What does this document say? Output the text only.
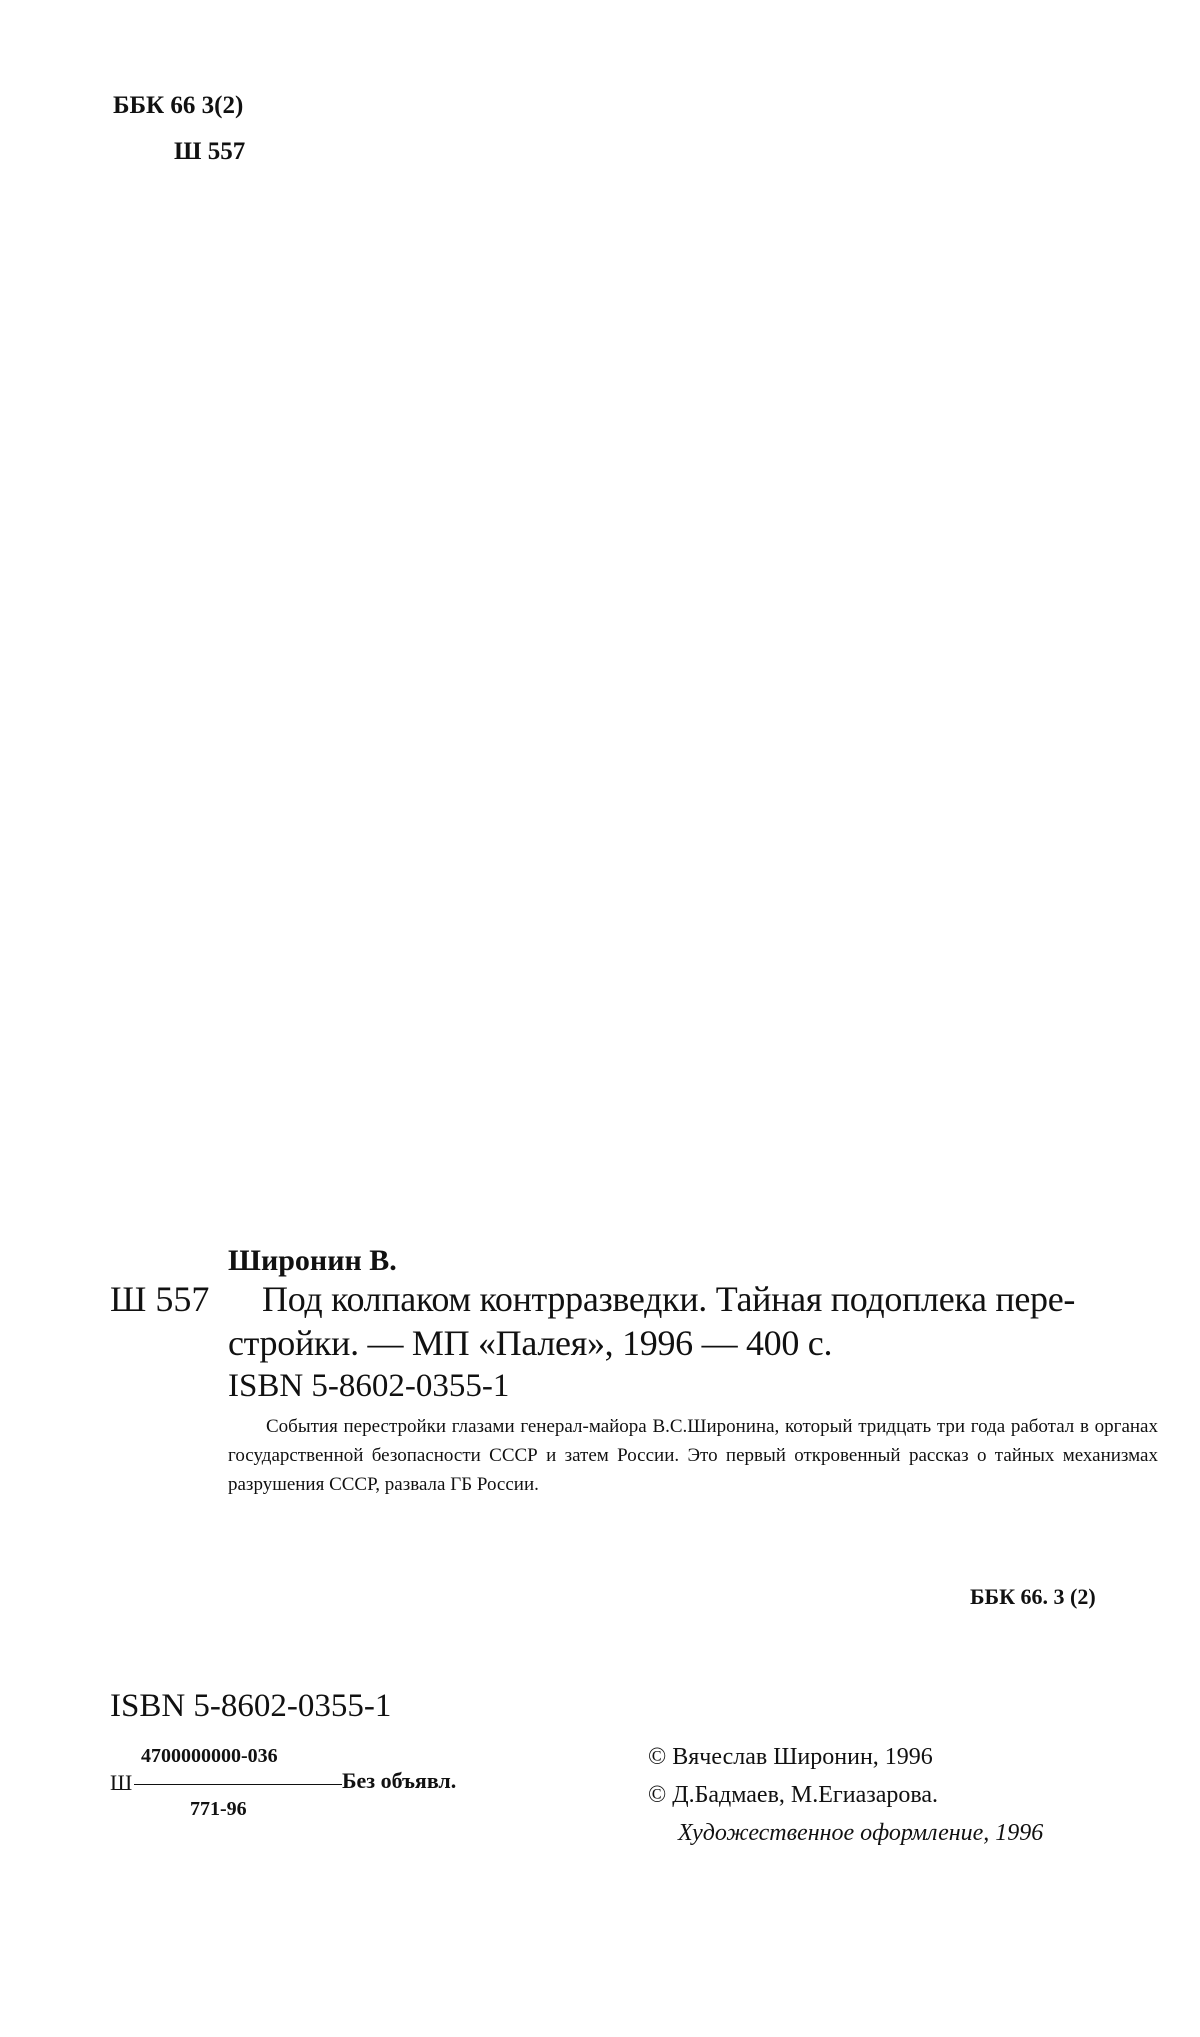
ББК 66 3(2)
Ш 557
Широнин В.
Ш 557 Под колпаком контрразведки. Тайная подоплека пере-
стройки. — МП «Палея», 1996 — 400 с.
ISBN 5-8602-0355-1
События перестройки глазами генерал-майора В.С.Широнина, который тридцать три года работал в органах государственной безопасности СССР и затем России. Это первый откровенный рассказ о тайных механизмах разрушения СССР, развала ГБ России.
ББК 66. 3 (2)
ISBN 5-8602-0355-1
4700000000-036
Ш	Без объявл.
771-96
© Вячеслав Широнин, 1996
© Д.Бадмаев, М.Егиазарова.
Художественное оформление, 1996
